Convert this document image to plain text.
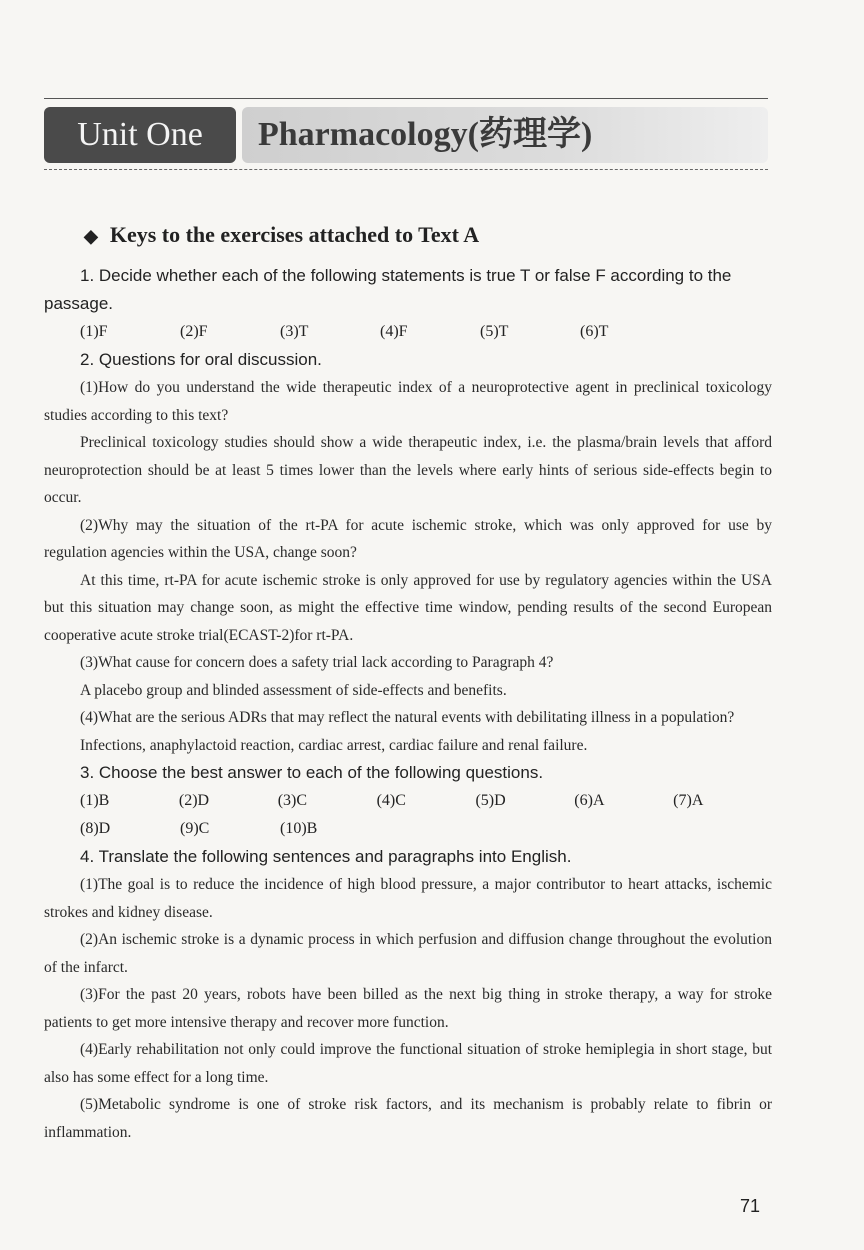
Unit One	Pharmacology(药理学)
◆ Keys to the exercises attached to Text A

1. Decide whether each of the following statements is true T or false F according to the passage.

(1)F	(2)F	(3)T	(4)F	(5)T	(6)T

2. Questions for oral discussion.

(1)How do you understand the wide therapeutic index of a neuroprotective agent in preclinical toxicology studies according to this text?

Preclinical toxicology studies should show a wide therapeutic index, i.e. the plasma/brain levels that afford neuroprotection should be at least 5 times lower than the levels where early hints of serious side-effects begin to occur.

(2)Why may the situation of the rt-PA for acute ischemic stroke, which was only approved for use by regulation agencies within the USA, change soon?

At this time, rt-PA for acute ischemic stroke is only approved for use by regulatory agencies within the USA but this situation may change soon, as might the effective time window, pending results of the second European cooperative acute stroke trial(ECAST-2)for rt-PA.

(3)What cause for concern does a safety trial lack according to Paragraph 4?

A placebo group and blinded assessment of side-effects and benefits.

(4)What are the serious ADRs that may reflect the natural events with debilitating illness in a population?

Infections, anaphylactoid reaction, cardiac arrest, cardiac failure and renal failure.

3. Choose the best answer to each of the following questions.

(1)B	(2)D	(3)C	(4)C	(5)D	(6)A	(7)A
(8)D	(9)C	(10)B

4. Translate the following sentences and paragraphs into English.

(1)The goal is to reduce the incidence of high blood pressure, a major contributor to heart attacks, ischemic strokes and kidney disease.

(2)An ischemic stroke is a dynamic process in which perfusion and diffusion change throughout the evolution of the infarct.

(3)For the past 20 years, robots have been billed as the next big thing in stroke therapy, a way for stroke patients to get more intensive therapy and recover more function.

(4)Early rehabilitation not only could improve the functional situation of stroke hemiplegia in short stage, but also has some effect for a long time.

(5)Metabolic syndrome is one of stroke risk factors, and its mechanism is probably relate to fibrin or inflammation.

71
